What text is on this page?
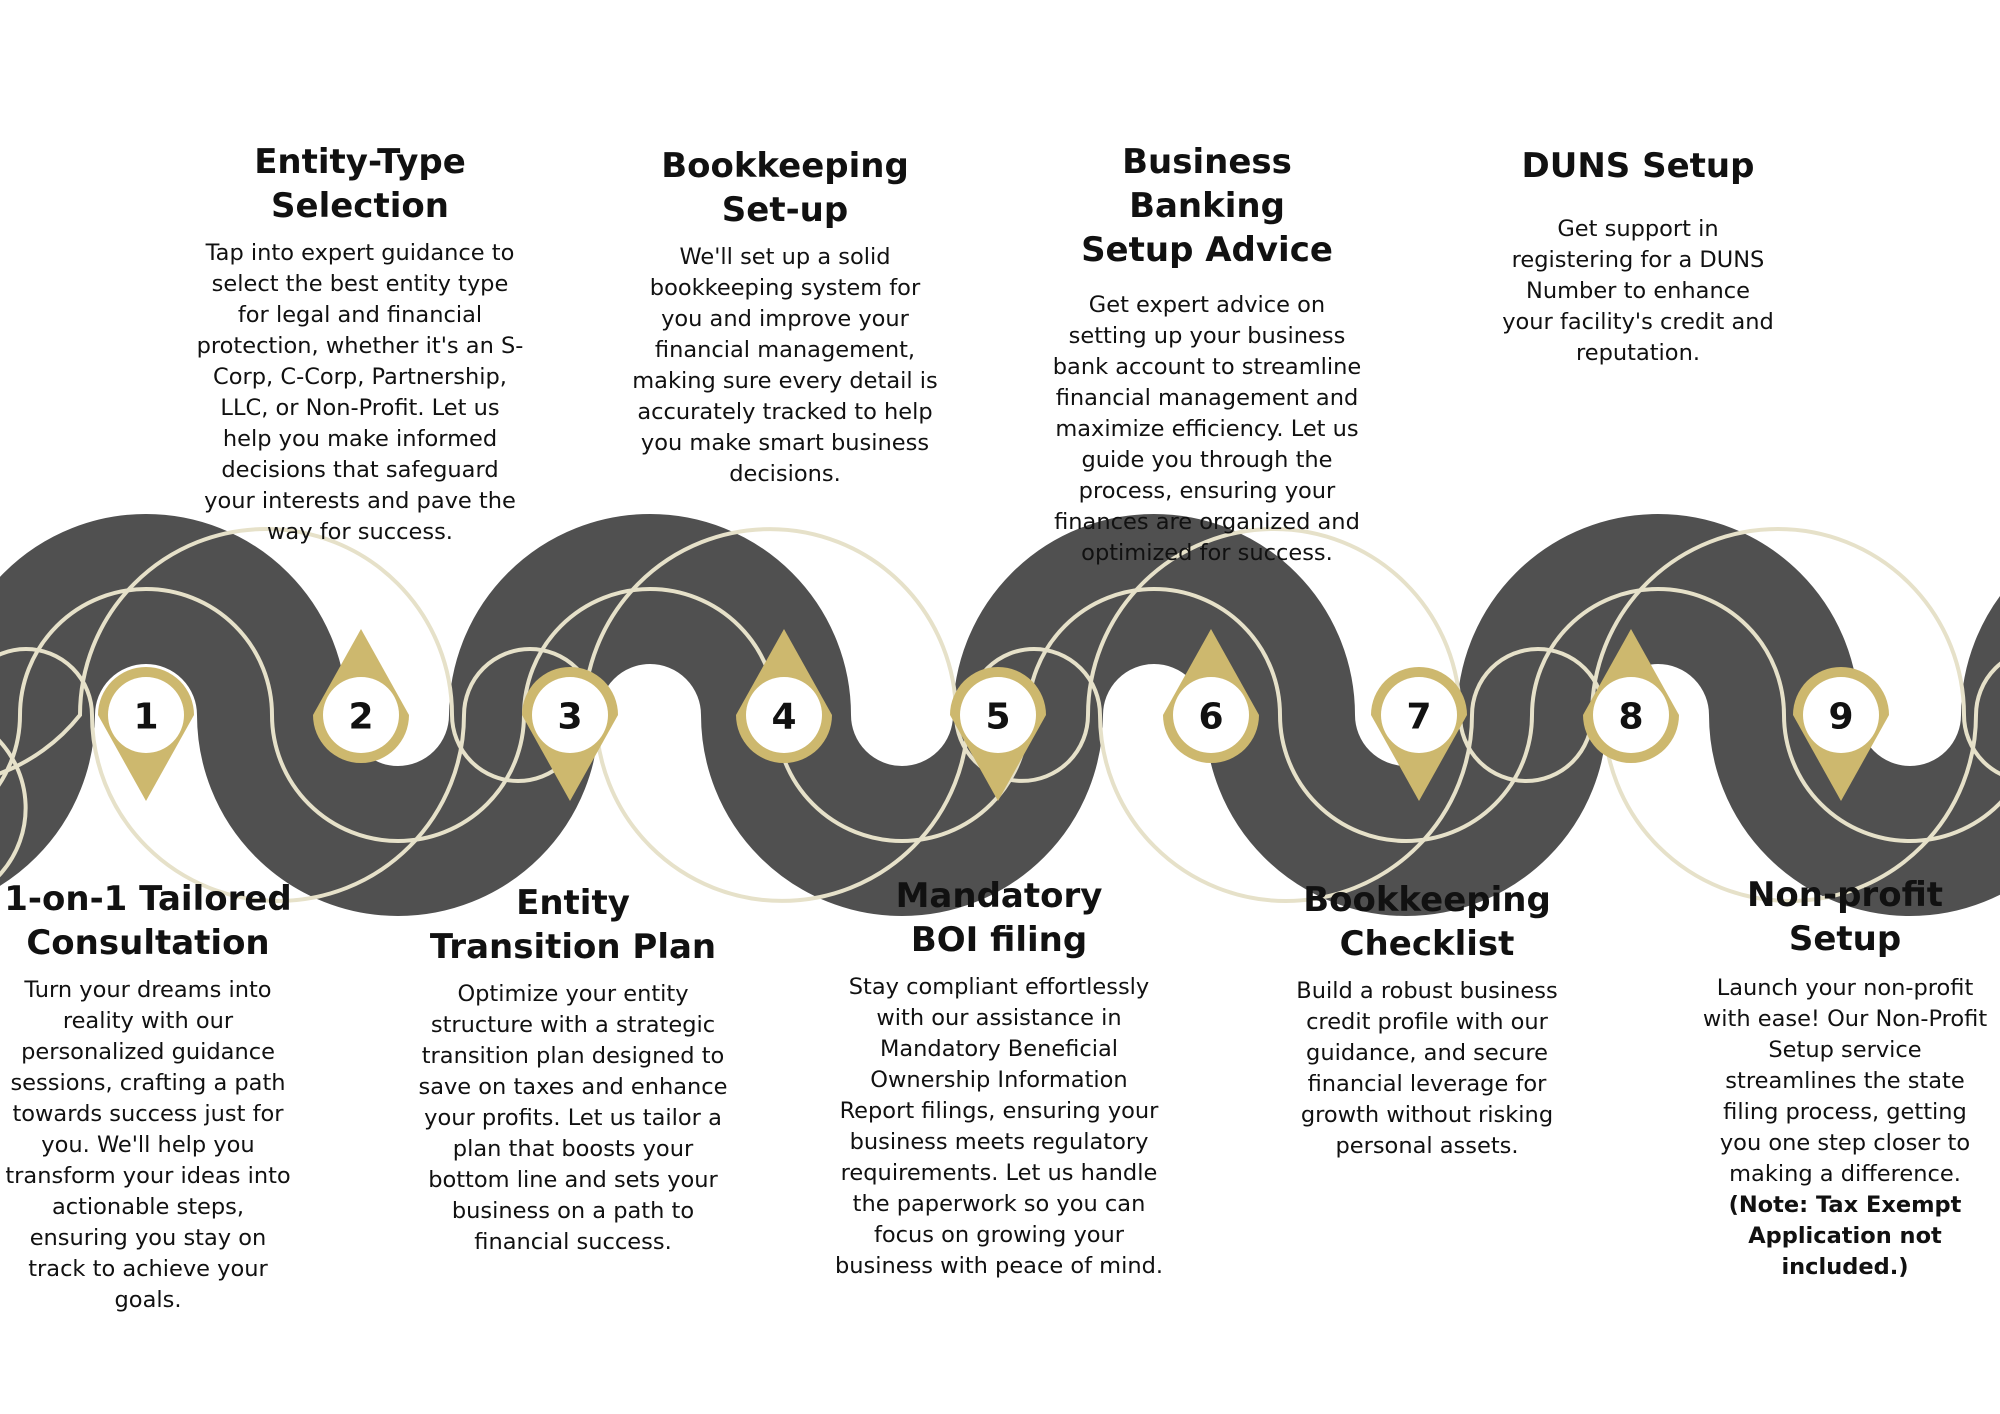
1	2	3	4	5	6	7	8	9
1-on-1 Tailored
Consultation

Turn your dreams into reality with our personalized guidance sessions, crafting a path towards success just for you. We'll help you transform your ideas into actionable steps, ensuring you stay on track to achieve your goals.

Entity-Type
Selection

Tap into expert guidance to select the best entity type for legal and financial protection, whether it's an S-Corp, C-Corp, Partnership, LLC, or Non-Profit. Let us help you make informed decisions that safeguard your interests and pave the way for success.

Entity
Transition Plan

Optimize your entity structure with a strategic transition plan designed to save on taxes and enhance your profits. Let us tailor a plan that boosts your bottom line and sets your business on a path to financial success.

Bookkeeping
Set-up

We'll set up a solid bookkeeping system for you and improve your financial management, making sure every detail is accurately tracked to help you make smart business decisions.

Mandatory
BOI filing

Stay compliant effortlessly with our assistance in Mandatory Beneficial Ownership Information Report filings, ensuring your business meets regulatory requirements. Let us handle the paperwork so you can focus on growing your business with peace of mind.

Business Banking
Setup Advice

Get expert advice on setting up your business bank account to streamline financial management and maximize efficiency. Let us guide you through the process, ensuring your finances are organized and optimized for success.

Bookkeeping
Checklist

Build a robust business credit profile with our guidance, and secure financial leverage for growth without risking personal assets.

DUNS Setup

Get support in registering for a DUNS Number to enhance your facility's credit and reputation.

Non-profit
Setup

Launch your non-profit with ease! Our Non-Profit Setup service streamlines the state filing process, getting you one step closer to making a difference.
(Note: Tax Exempt Application not included.)
